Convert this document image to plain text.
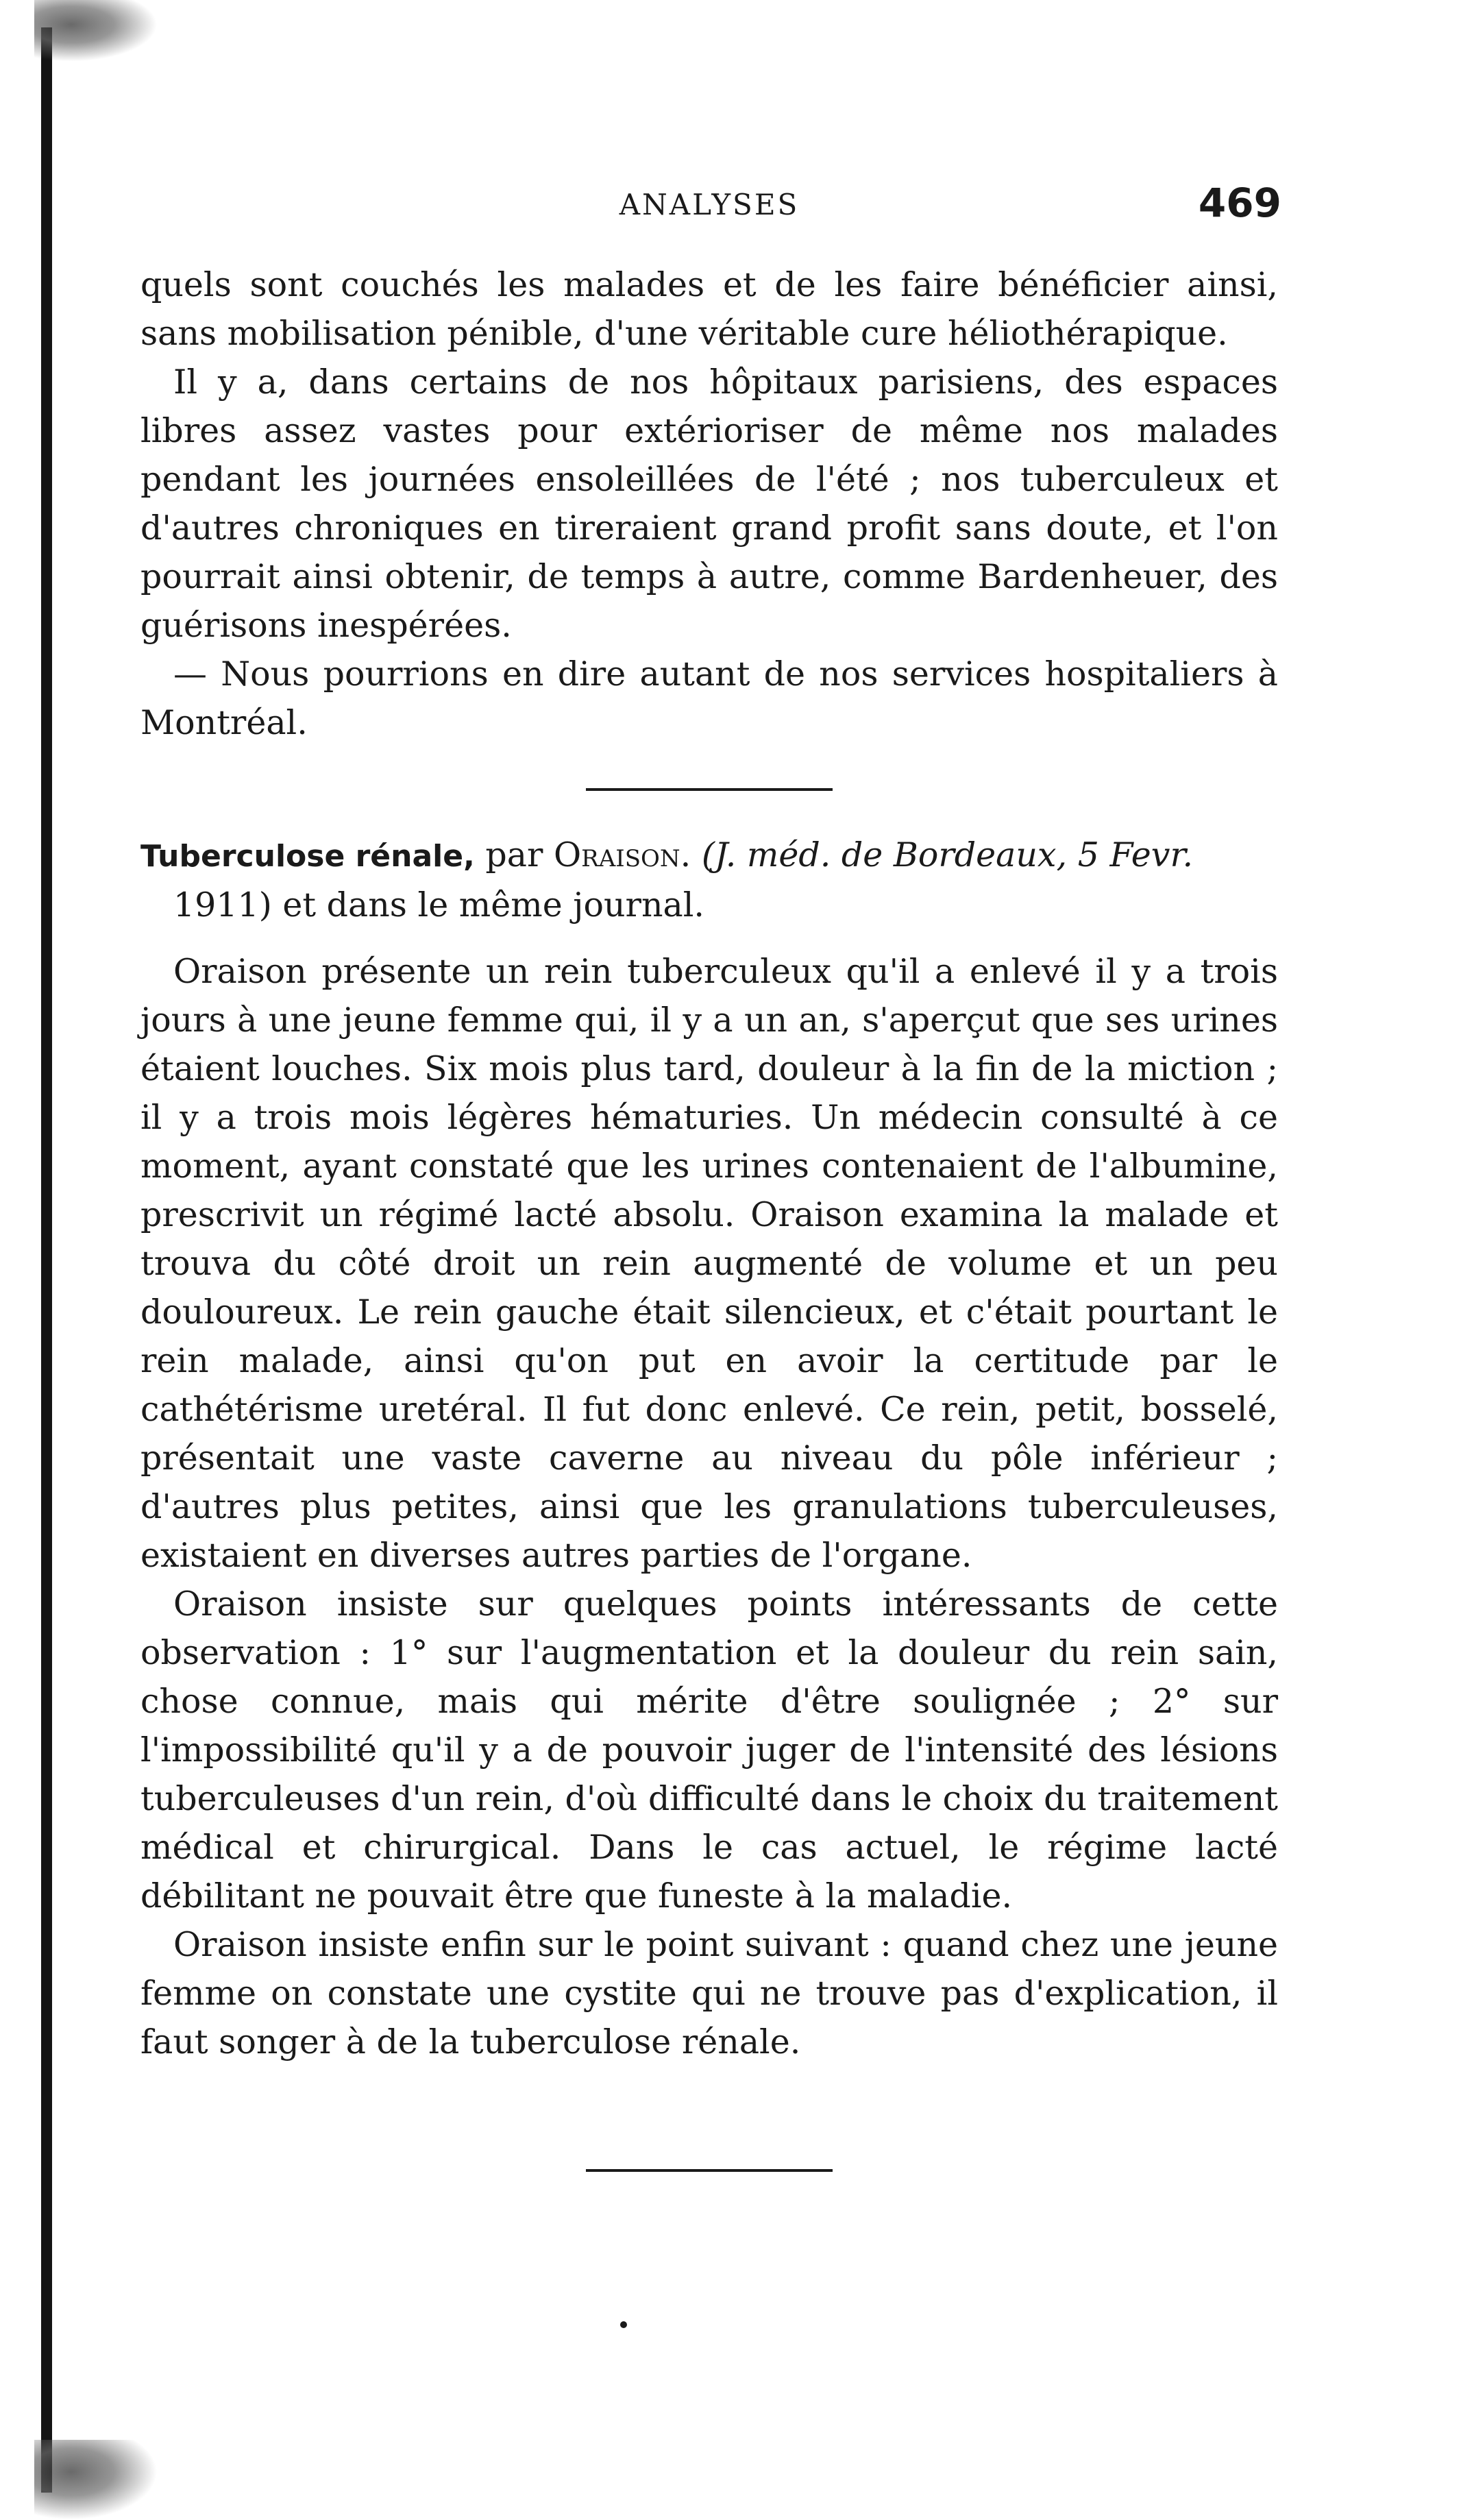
ANALYSES	469

quels sont couchés les malades et de les faire bénéficier ainsi, sans mobilisation pénible, d'une véritable cure héliothérapique.

Il y a, dans certains de nos hôpitaux parisiens, des espaces libres assez vastes pour extérioriser de même nos malades pendant les journées ensoleillées de l'été ; nos tuberculeux et d'autres chroniques en tireraient grand profit sans doute, et l'on pourrait ainsi obtenir, de temps à autre, comme Bardenheuer, des guérisons inespérées.

— Nous pourrions en dire autant de nos services hospitaliers à Montréal.

Tuberculose rénale, par Oraison. (J. méd. de Bordeaux, 5 Fevr. 1911) et dans le même journal.

Oraison présente un rein tuberculeux qu'il a enlevé il y a trois jours à une jeune femme qui, il y a un an, s'aperçut que ses urines étaient louches. Six mois plus tard, douleur à la fin de la miction ; il y a trois mois légères hématuries. Un médecin consulté à ce moment, ayant constaté que les urines contenaient de l'albumine, prescrivit un régimé lacté absolu. Oraison examina la malade et trouva du côté droit un rein augmenté de volume et un peu douloureux. Le rein gauche était silencieux, et c'était pourtant le rein malade, ainsi qu'on put en avoir la certitude par le cathétérisme uretéral. Il fut donc enlevé. Ce rein, petit, bosselé, présentait une vaste caverne au niveau du pôle inférieur ; d'autres plus petites, ainsi que les granulations tuberculeuses, existaient en diverses autres parties de l'organe.

Oraison insiste sur quelques points intéressants de cette observation : 1° sur l'augmentation et la douleur du rein sain, chose connue, mais qui mérite d'être soulignée ; 2° sur l'impossibilité qu'il y a de pouvoir juger de l'intensité des lésions tuberculeuses d'un rein, d'où difficulté dans le choix du traitement médical et chirurgical. Dans le cas actuel, le régime lacté débilitant ne pouvait être que funeste à la maladie.

Oraison insiste enfin sur le point suivant : quand chez une jeune femme on constate une cystite qui ne trouve pas d'explication, il faut songer à de la tuberculose rénale.
